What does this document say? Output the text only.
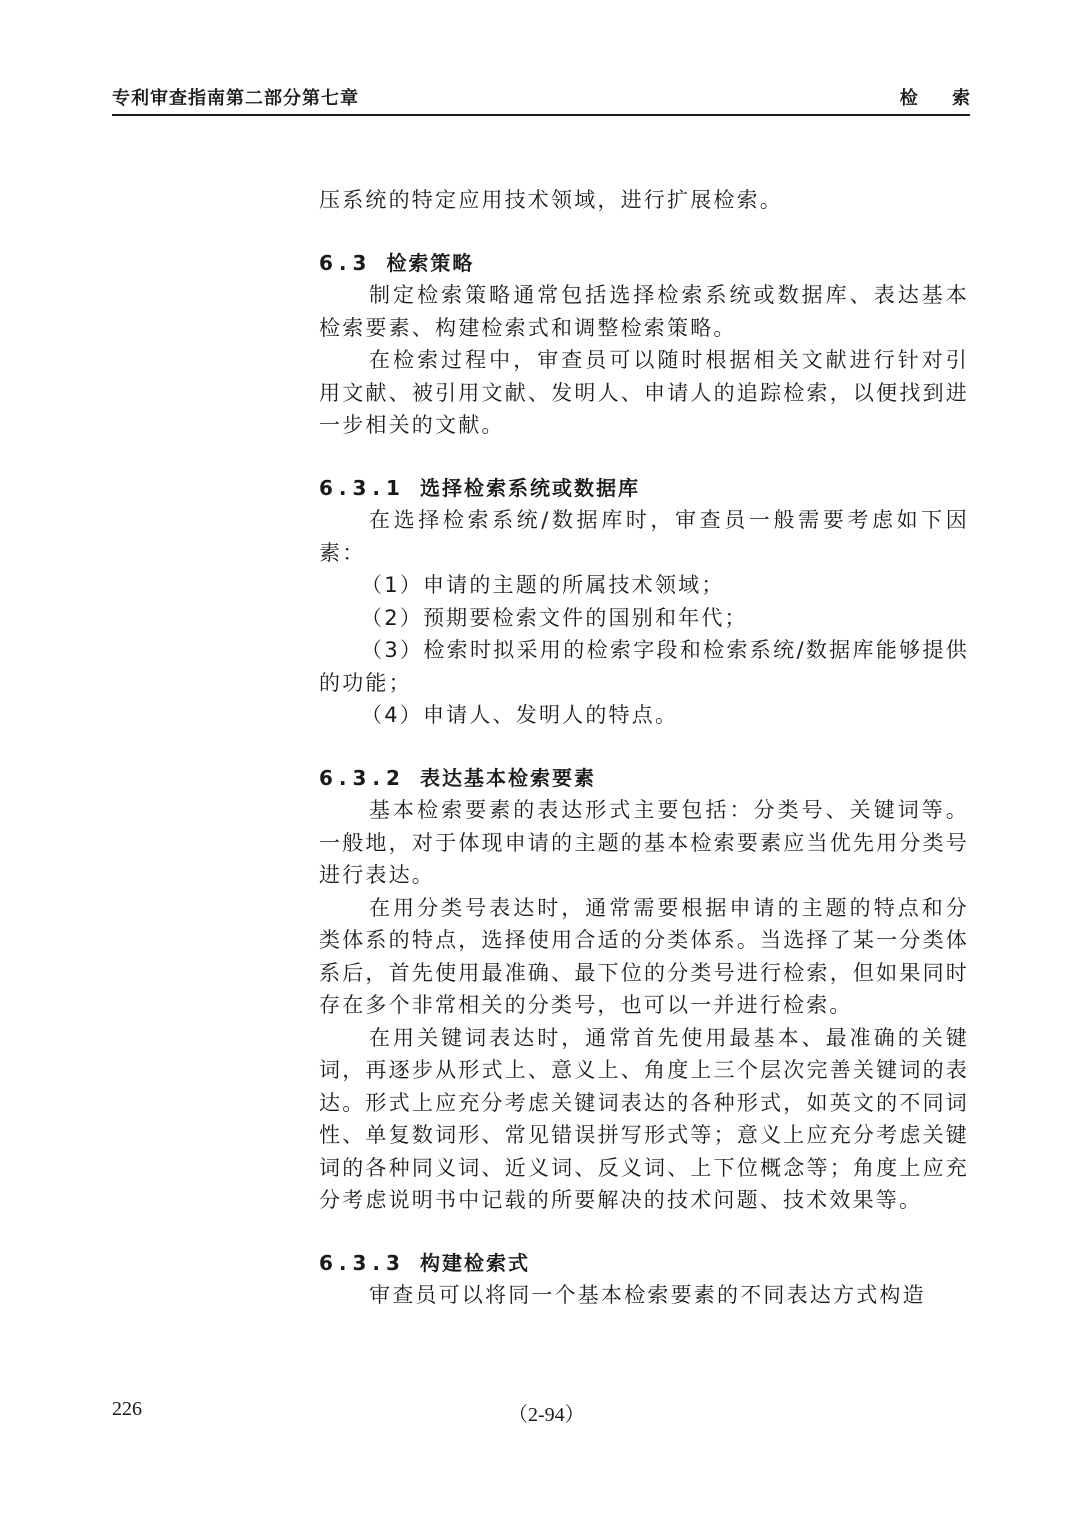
专利审查指南第二部分第七章	检 索

压系统的特定应用技术领域，进行扩展检索。

6.3 检索策略

制定检索策略通常包括选择检索系统或数据库、表达基本检索要素、构建检索式和调整检索策略。

在检索过程中，审查员可以随时根据相关文献进行针对引用文献、被引用文献、发明人、申请人的追踪检索，以便找到进一步相关的文献。

6.3.1 选择检索系统或数据库

在选择检索系统/数据库时，审查员一般需要考虑如下因素：

（1）申请的主题的所属技术领域；

（2）预期要检索文件的国别和年代；

（3）检索时拟采用的检索字段和检索系统/数据库能够提供的功能；

（4）申请人、发明人的特点。

6.3.2 表达基本检索要素

基本检索要素的表达形式主要包括：分类号、关键词等。一般地，对于体现申请的主题的基本检索要素应当优先用分类号进行表达。

在用分类号表达时，通常需要根据申请的主题的特点和分类体系的特点，选择使用合适的分类体系。当选择了某一分类体系后，首先使用最准确、最下位的分类号进行检索，但如果同时存在多个非常相关的分类号，也可以一并进行检索。

在用关键词表达时，通常首先使用最基本、最准确的关键词，再逐步从形式上、意义上、角度上三个层次完善关键词的表达。形式上应充分考虑关键词表达的各种形式，如英文的不同词性、单复数词形、常见错误拼写形式等；意义上应充分考虑关键词的各种同义词、近义词、反义词、上下位概念等；角度上应充分考虑说明书中记载的所要解决的技术问题、技术效果等。

6.3.3 构建检索式

审查员可以将同一个基本检索要素的不同表达方式构造

226	（2-94）
